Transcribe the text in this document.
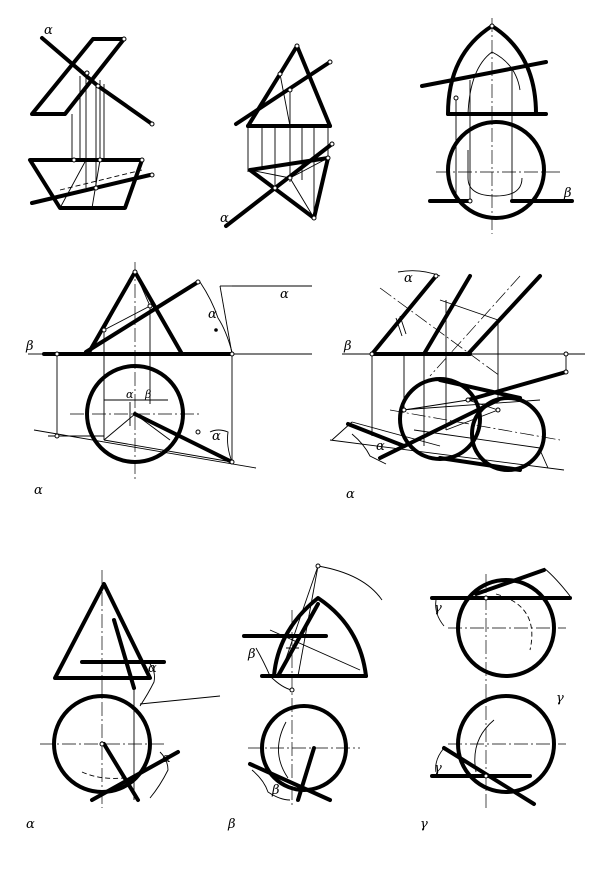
α
α
β
β
α
α
α β
α
α
α
β
α
α
α
α
α
β
β
β
γ
γ
γ
γ
